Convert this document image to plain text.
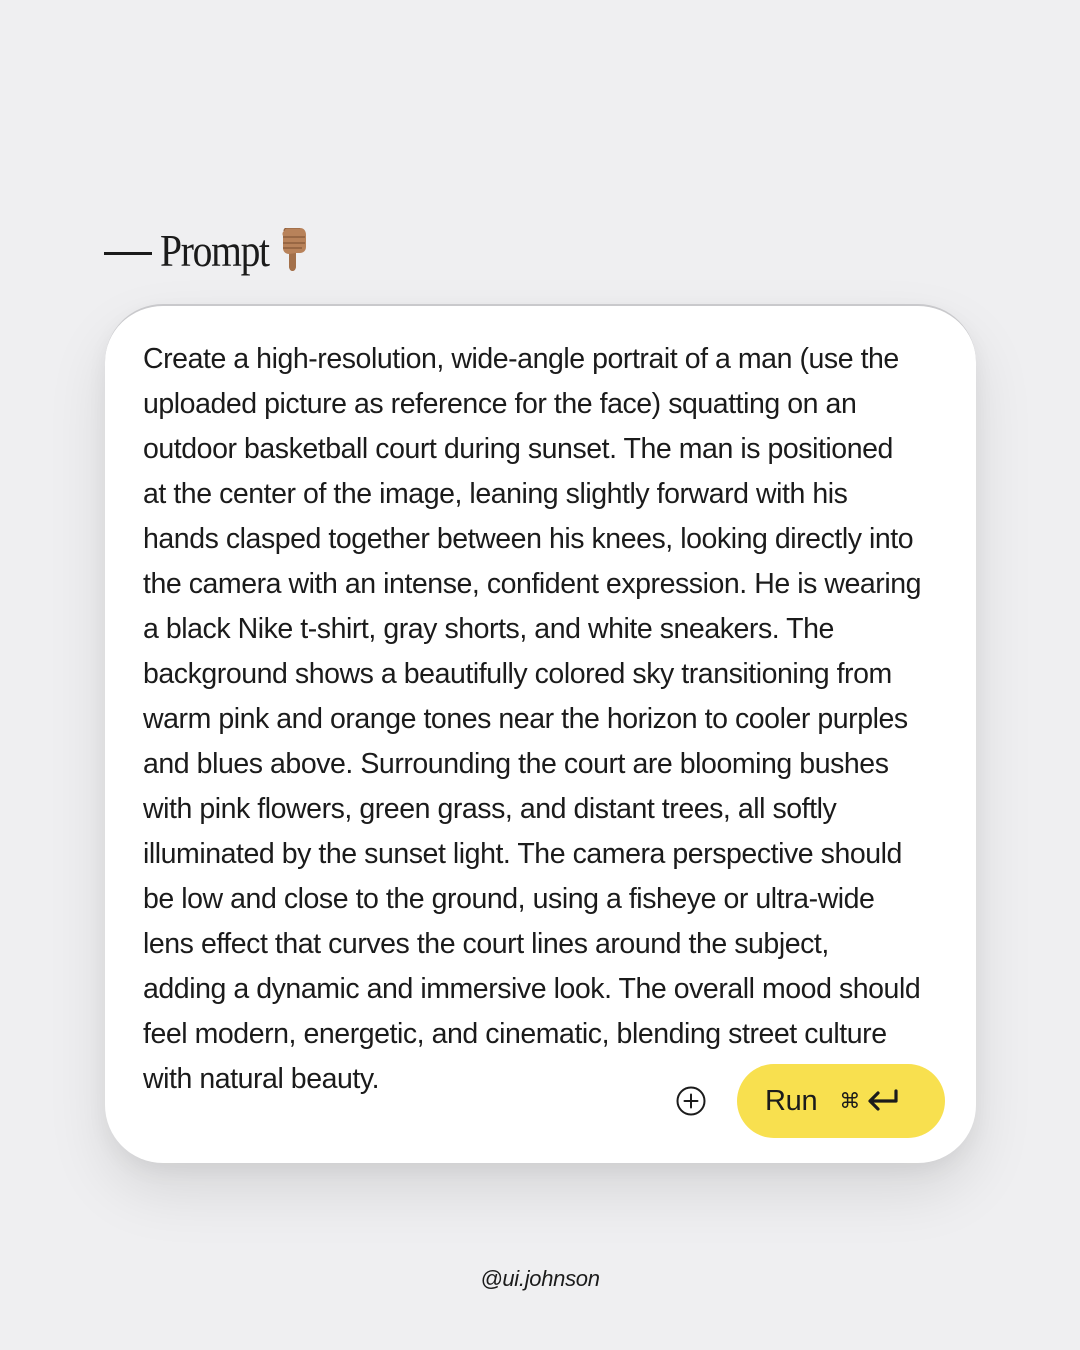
Prompt

Create a high-resolution, wide-angle portrait of a man (use the
uploaded picture as reference for the face) squatting on an
outdoor basketball court during sunset. The man is positioned
at the center of the image, leaning slightly forward with his
hands clasped together between his knees, looking directly into
the camera with an intense, confident expression. He is wearing
a black Nike t-shirt, gray shorts, and white sneakers. The
background shows a beautifully colored sky transitioning from
warm pink and orange tones near the horizon to cooler purples
and blues above. Surrounding the court are blooming bushes
with pink flowers, green grass, and distant trees, all softly
illuminated by the sunset light. The camera perspective should
be low and close to the ground, using a fisheye or ultra-wide
lens effect that curves the court lines around the subject,
adding a dynamic and immersive look. The overall mood should
feel modern, energetic, and cinematic, blending street culture
with natural beauty.

Run ⌘
@ui.johnson
